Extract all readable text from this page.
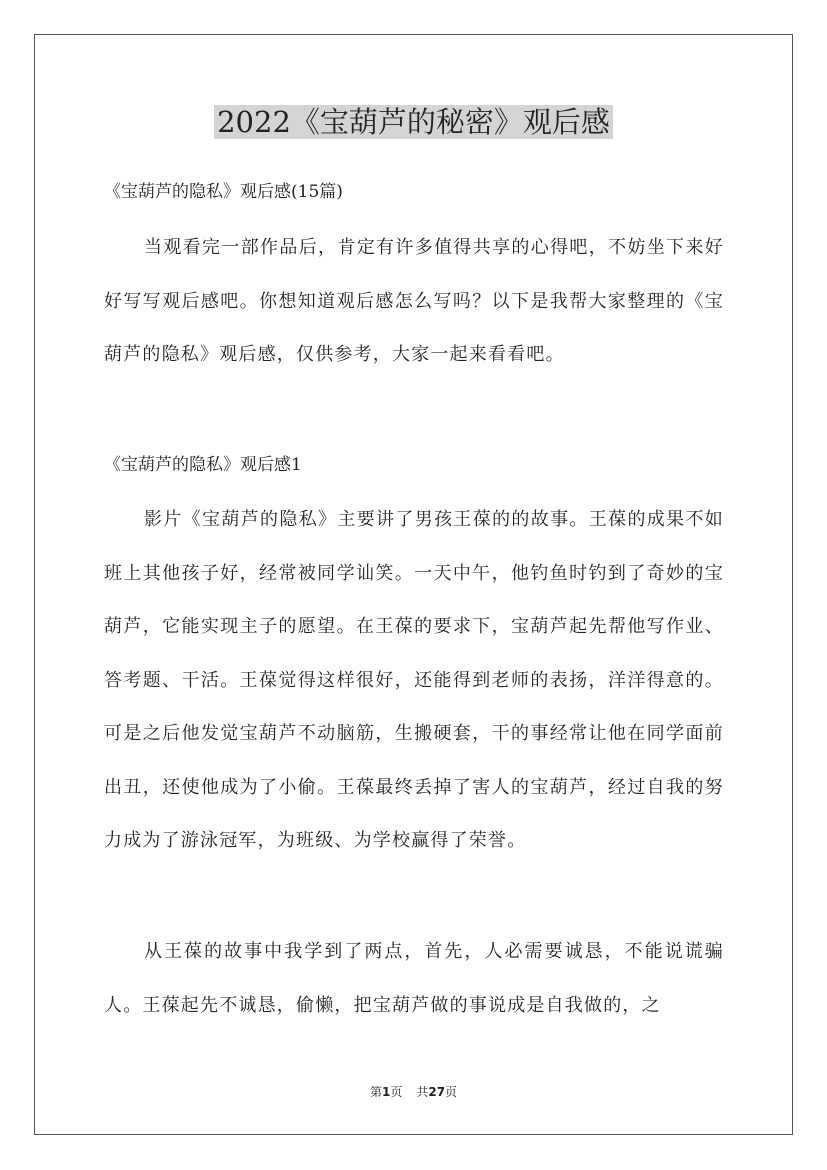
2022《宝葫芦的秘密》观后感

《宝葫芦的隐私》观后感(15篇)

当观看完一部作品后，肯定有许多值得共享的心得吧，不妨坐下来好好写写观后感吧。你想知道观后感怎么写吗？以下是我帮大家整理的《宝葫芦的隐私》观后感，仅供参考，大家一起来看看吧。

《宝葫芦的隐私》观后感1

影片《宝葫芦的隐私》主要讲了男孩王葆的的故事。王葆的成果不如班上其他孩子好，经常被同学讪笑。一天中午，他钓鱼时钓到了奇妙的宝葫芦，它能实现主子的愿望。在王葆的要求下，宝葫芦起先帮他写作业、答考题、干活。王葆觉得这样很好，还能得到老师的表扬，洋洋得意的。可是之后他发觉宝葫芦不动脑筋，生搬硬套，干的事经常让他在同学面前出丑，还使他成为了小偷。王葆最终丢掉了害人的宝葫芦，经过自我的努力成为了游泳冠军，为班级、为学校赢得了荣誉。

从王葆的故事中我学到了两点，首先，人必需要诚恳，不能说谎骗人。王葆起先不诚恳，偷懒，把宝葫芦做的事说成是自我做的，之

第1页 共27页
